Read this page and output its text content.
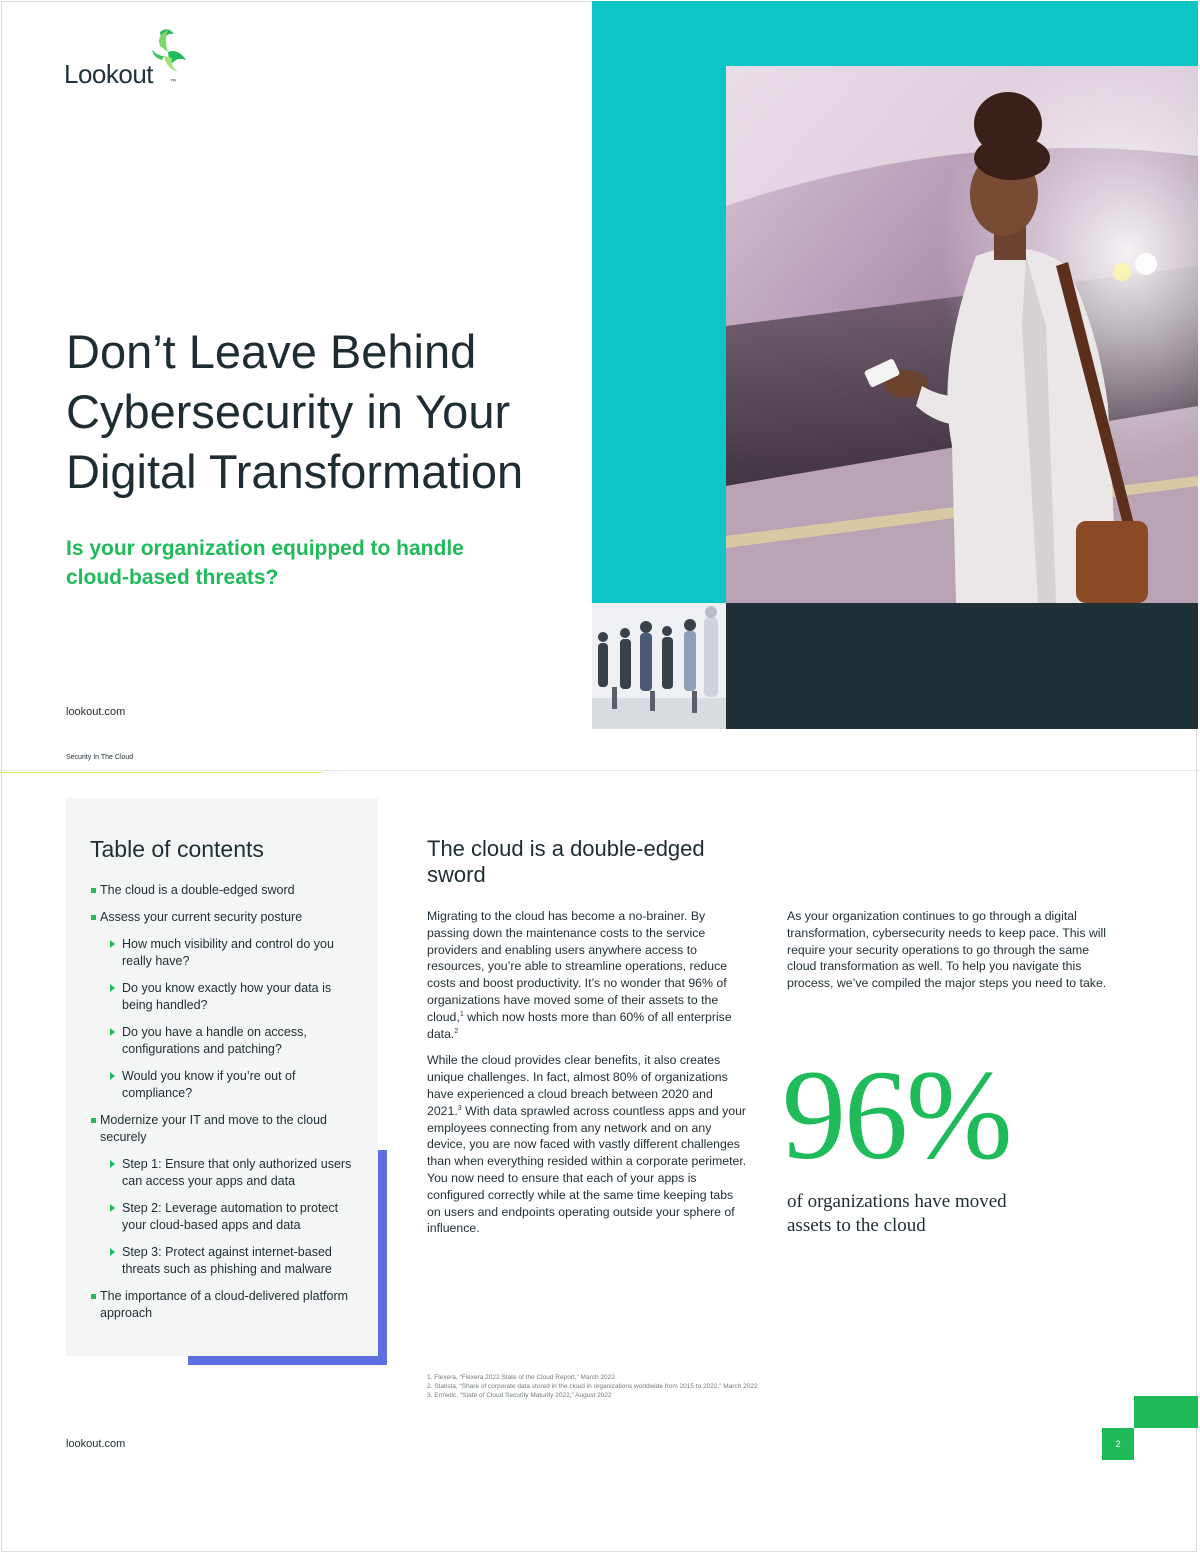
Lookout	™
Don’t Leave Behind Cybersecurity in Your Digital Transformation

Is your organization equipped to handle cloud-based threats?

lookout.com
Security In The Cloud
Table of contents
The cloud is a double-edged sword
Assess your current security posture
How much visibility and control do you really have?
Do you know exactly how your data is being handled?
Do you have a handle on access, configurations and patching?
Would you know if you’re out of compliance?
Modernize your IT and move to the cloud securely
Step 1: Ensure that only authorized users can access your apps and data
Step 2: Leverage automation to protect your cloud-based apps and data
Step 3: Protect against internet-based threats such as phishing and malware
The importance of a cloud-delivered platform approach
The cloud is a double-edged sword

Migrating to the cloud has become a no-brainer. By passing down the maintenance costs to the service providers and enabling users anywhere access to resources, you’re able to streamline operations, reduce costs and boost productivity. It’s no wonder that 96% of organizations have moved some of their assets to the cloud,$^1$ which now hosts more than 60% of all enterprise data.$^2$

While the cloud provides clear benefits, it also creates unique challenges. In fact, almost 80% of organizations have experienced a cloud breach between 2020 and 2021.$^3$ With data sprawled across countless apps and your employees connecting from any network and on any device, you are now faced with vastly different challenges than when everything resided within a corporate perimeter. You now need to ensure that each of your apps is configured correctly while at the same time keeping tabs on users and endpoints operating outside your sphere of influence.

As your organization continues to go through a digital transformation, cybersecurity needs to keep pace. This will require your security operations to go through the same cloud transformation as well. To help you navigate this process, we’ve compiled the major steps you need to take.

96%
of organizations have moved assets to the cloud
1. Flexera, “Flexera 2022 State of the Cloud Report,” March 2022
2. Statista, “Share of corporate data stored in the cloud in organizations worldwide from 2015 to 2022,” March 2022
3. Ermetic, “State of Cloud Security Maturity 2022,” August 2022
lookout.com	2
